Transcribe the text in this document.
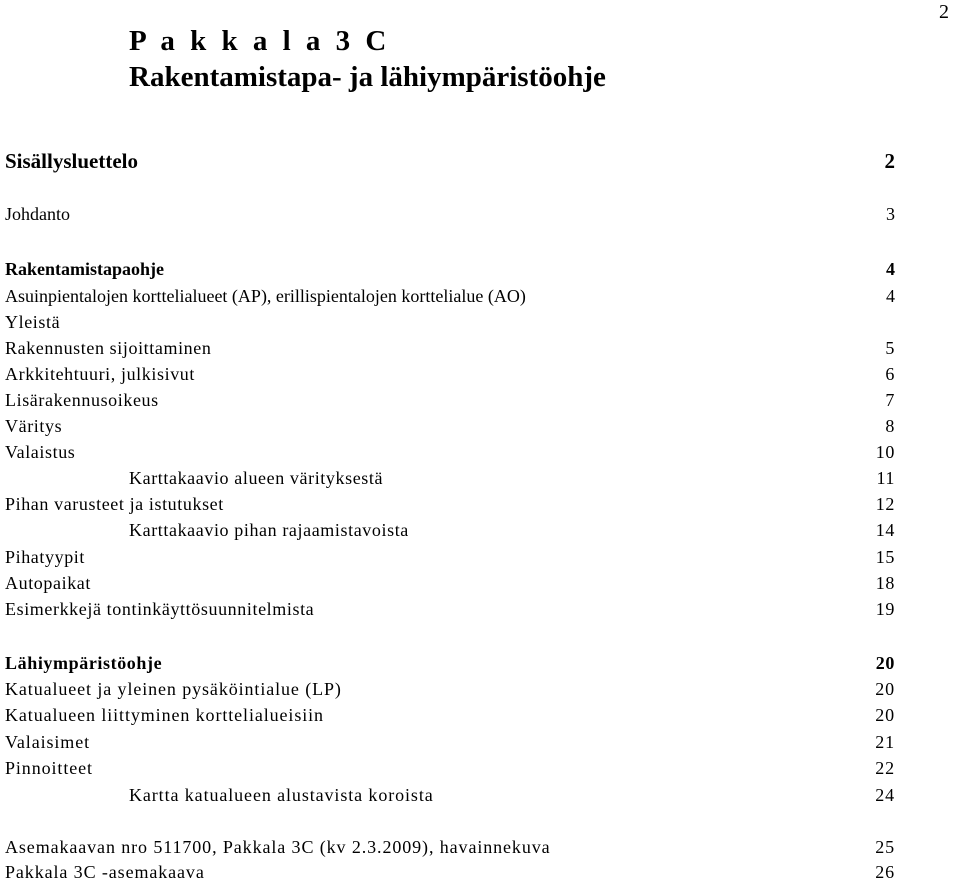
2
P a k k a l a 3 C
Rakentamistapa- ja lähiympäristöohje
Sisällysluettelo	2
Johdanto	3
Rakentamistapaohje	4
Asuinpientalojen korttelialueet (AP), erillispientalojen korttelialue (AO)	4
Yleistä
Rakennusten sijoittaminen	5
Arkkitehtuuri, julkisivut	6
Lisärakennusoikeus	7
Väritys	8
Valaistus	10
Karttakaavio alueen värityksestä	11
Pihan varusteet ja istutukset	12
Karttakaavio pihan rajaamistavoista	14
Pihatyypit	15
Autopaikat	18
Esimerkkejä tontinkäyttösuunnitelmista	19
Lähiympäristöohje	20
Katualueet ja yleinen pysäköintialue (LP)	20
Katualueen liittyminen korttelialueisiin	20
Valaisimet	21
Pinnoitteet	22
Kartta katualueen alustavista koroista	24
Asemakaavan nro 511700, Pakkala 3C (kv 2.3.2009), havainnekuva	25
Pakkala 3C -asemakaava	26
